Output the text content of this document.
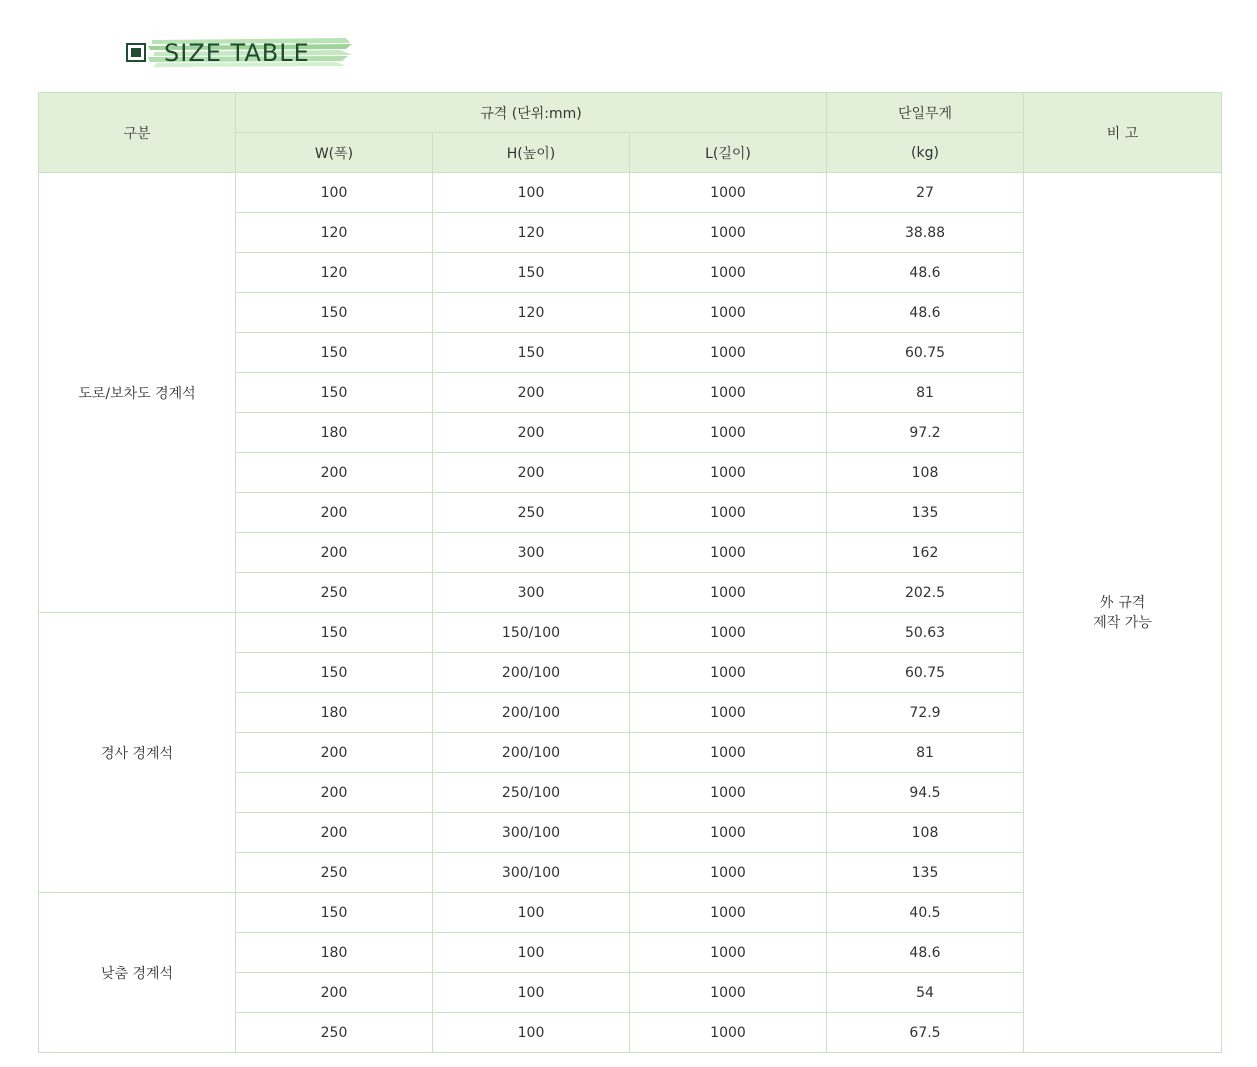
SIZE TABLE
구분	규격 (단위:mm)			단일무게	비 고
	W(폭)	H(높이)	L(길이)	(kg)	
도로/보차도 경계석	100	100	1000	27	外 규격
제작 가능
	120	120	1000	38.88	
	120	150	1000	48.6	
	150	120	1000	48.6	
	150	150	1000	60.75	
	150	200	1000	81	
	180	200	1000	97.2	
	200	200	1000	108	
	200	250	1000	135	
	200	300	1000	162	
	250	300	1000	202.5	
경사 경계석	150	150/100	1000	50.63	
	150	200/100	1000	60.75	
	180	200/100	1000	72.9	
	200	200/100	1000	81	
	200	250/100	1000	94.5	
	200	300/100	1000	108	
	250	300/100	1000	135	
낮춤 경계석	150	100	1000	40.5	
	180	100	1000	48.6	
	200	100	1000	54	
	250	100	1000	67.5	
